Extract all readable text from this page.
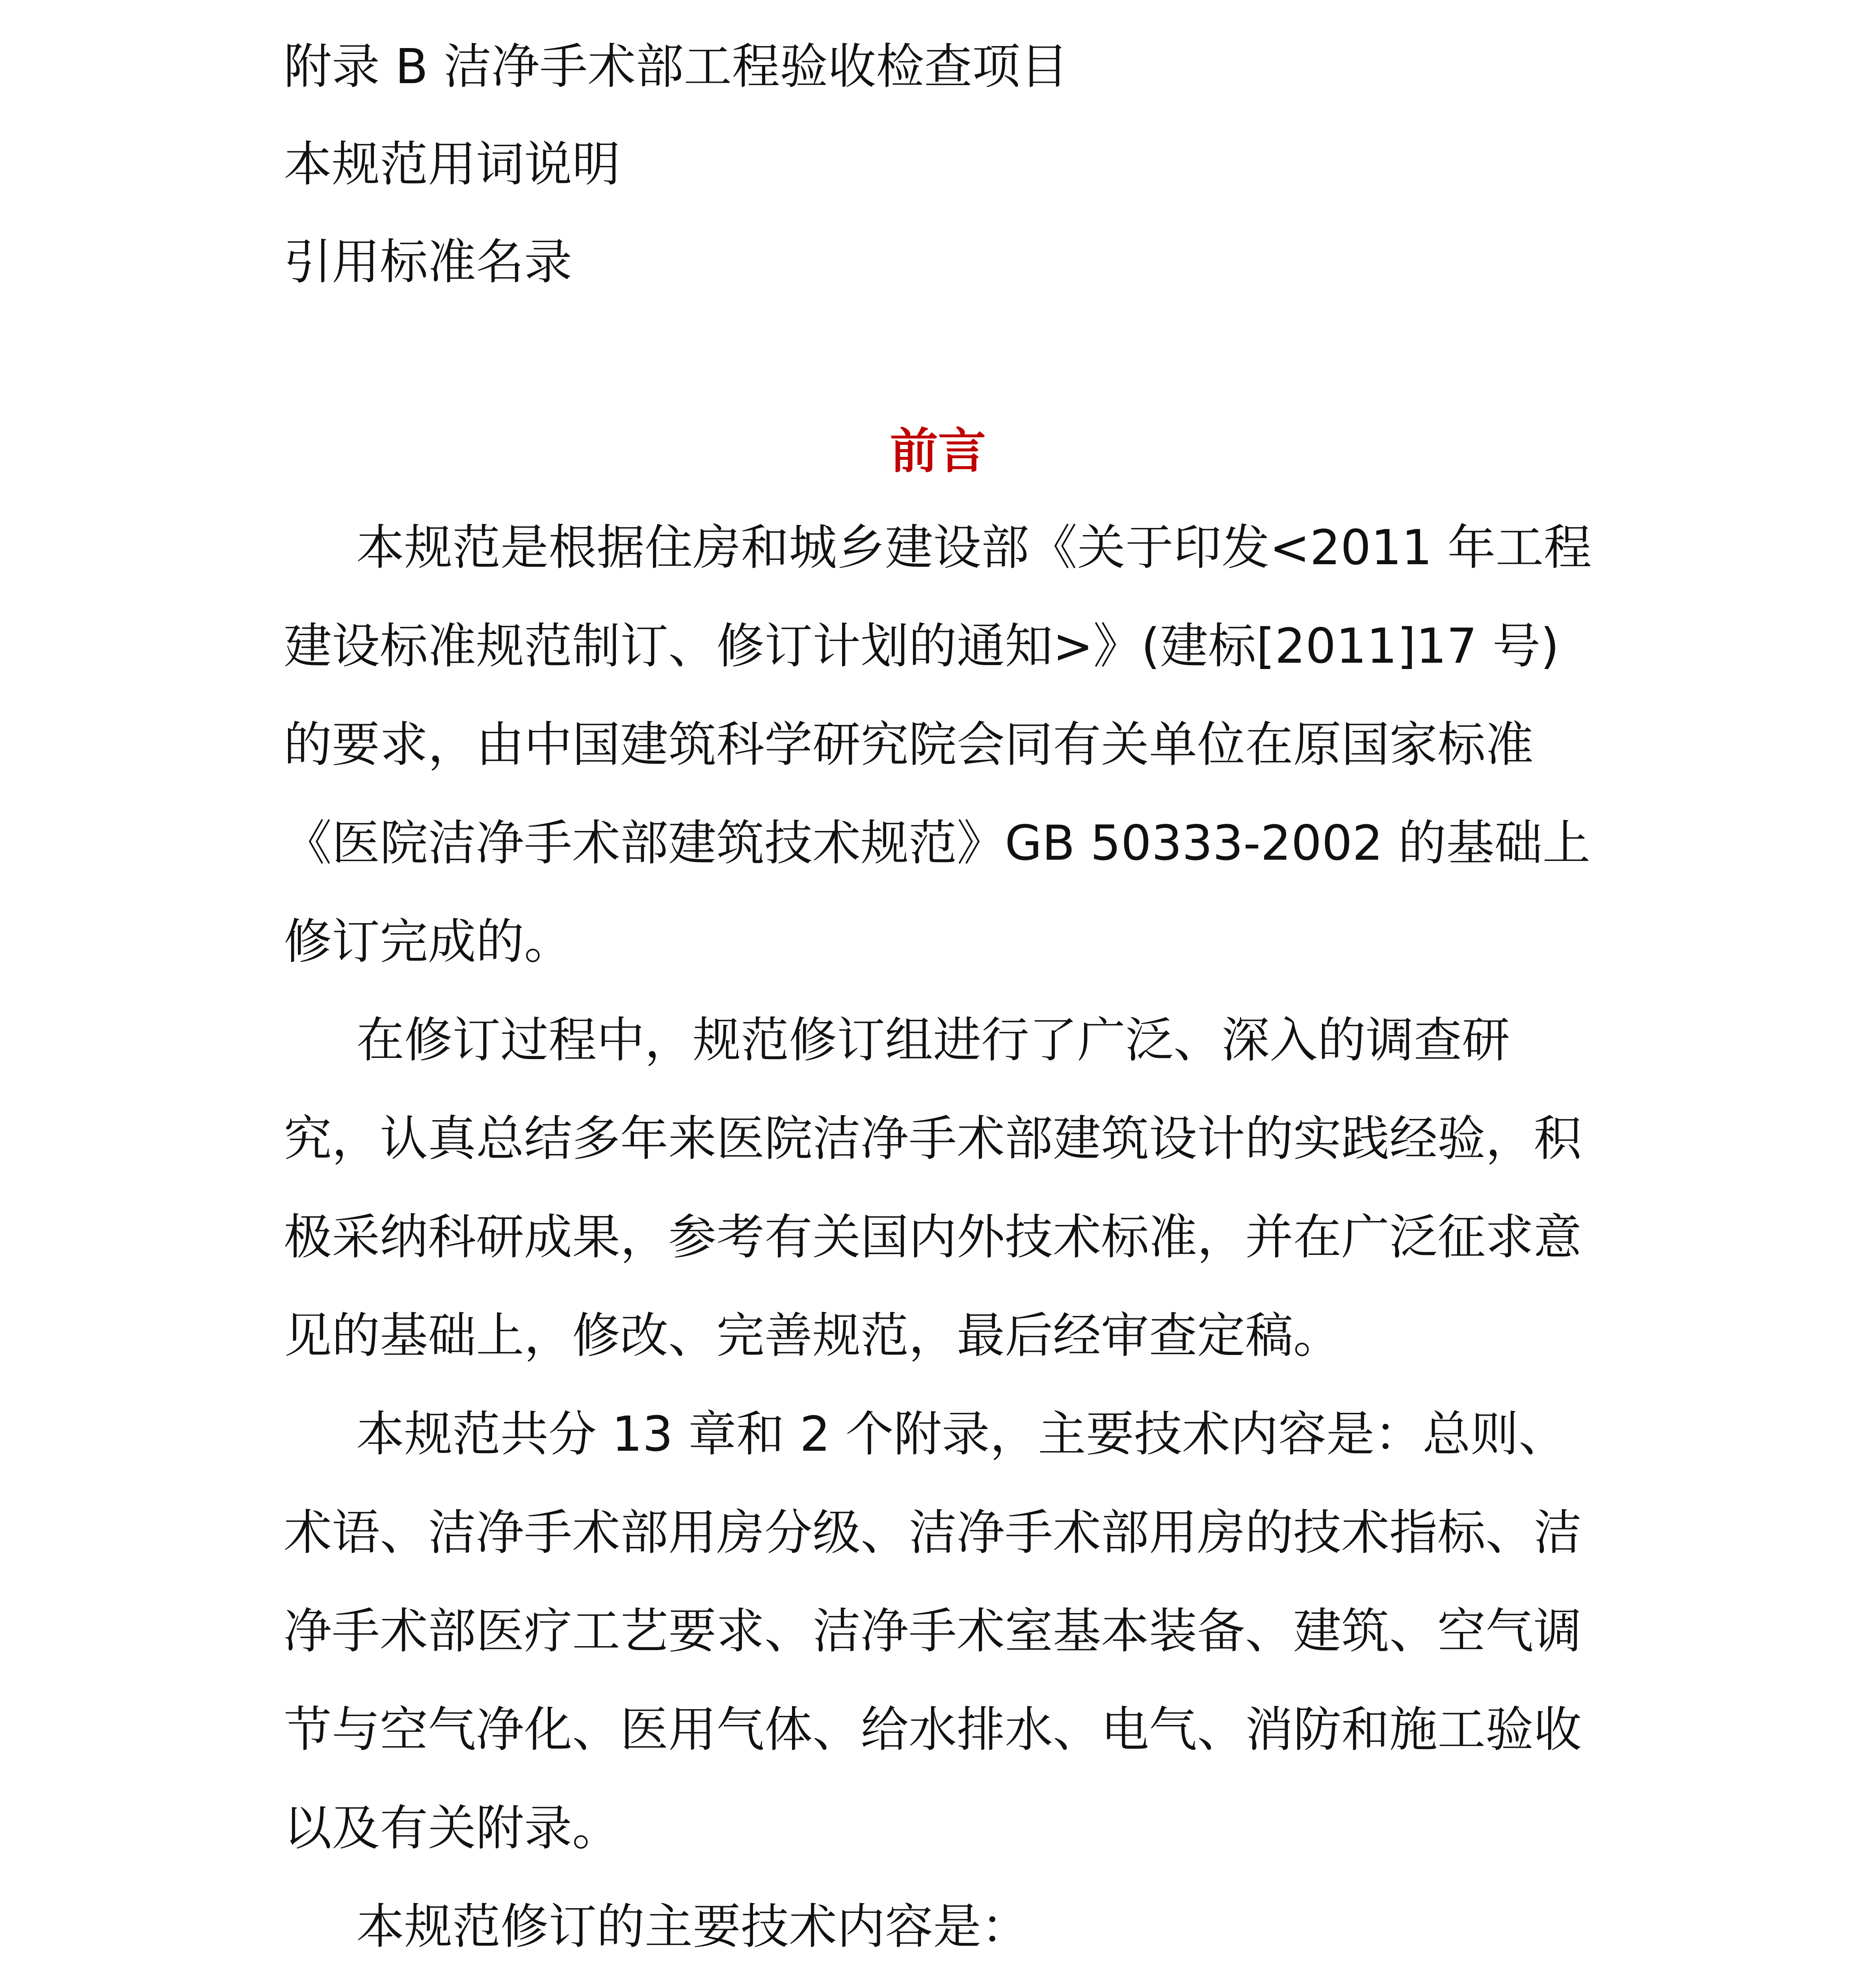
附录 B 洁净手术部工程验收检查项目
本规范用词说明
引用标准名录
前言

本规范是根据住房和城乡建设部《关于印发<2011 年工程建设标准规范制订、修订计划的通知>》(建标[2011]17 号)的要求，由中国建筑科学研究院会同有关单位在原国家标准《医院洁净手术部建筑技术规范》GB 50333-2002 的基础上修订完成的。

在修订过程中，规范修订组进行了广泛、深入的调查研究，认真总结多年来医院洁净手术部建筑设计的实践经验，积极采纳科研成果，参考有关国内外技术标准，并在广泛征求意见的基础上，修改、完善规范，最后经审查定稿。

本规范共分 13 章和 2 个附录，主要技术内容是：总则、术语、洁净手术部用房分级、洁净手术部用房的技术指标、洁净手术部医疗工艺要求、洁净手术室基本装备、建筑、空气调节与空气净化、医用气体、给水排水、电气、消防和施工验收以及有关附录。

本规范修订的主要技术内容是：
